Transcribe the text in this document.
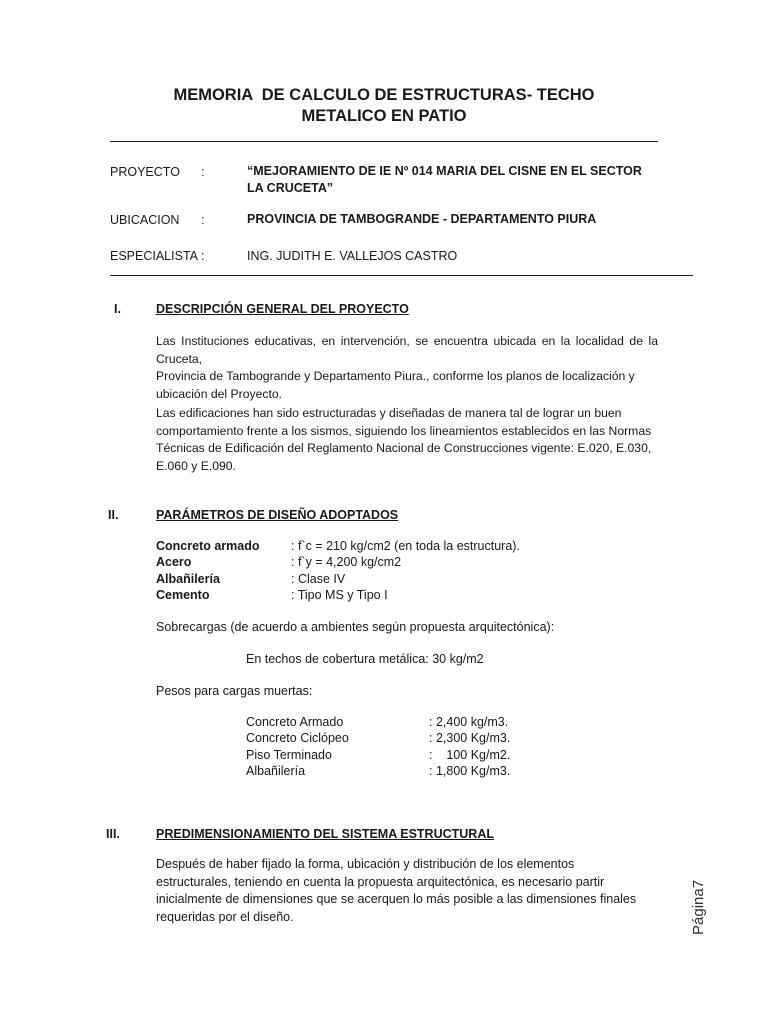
MEMORIA  DE CALCULO DE ESTRUCTURAS- TECHO
METALICO EN PATIO
PROYECTO :	“MEJORAMIENTO DE IE Nº 014 MARIA DEL CISNE EN EL SECTOR
LA CRUCETA”
UBICACION :	PROVINCIA DE TAMBOGRANDE - DEPARTAMENTO PIURA
ESPECIALISTA :	ING. JUDITH E. VALLEJOS CASTRO
I.	DESCRIPCIÓN GENERAL DEL PROYECTO
Las Instituciones educativas, en intervención, se encuentra ubicada en la localidad de la Cruceta,
Provincia de Tambogrande y Departamento Piura., conforme los planos de localización y
ubicación del Proyecto.
Las edificaciones han sido estructuradas y diseñadas de manera tal de lograr un buen
comportamiento frente a los sismos, siguiendo los lineamientos establecidos en las Normas
Técnicas de Edificación del Reglamento Nacional de Construcciones vigente: E.020, E.030,
E.060 y E.090.
II.	PARÁMETROS DE DISEÑO ADOPTADOS
Concreto armado	: f`c = 210 kg/cm2 (en toda la estructura).
Acero	: f`y = 4,200 kg/cm2
Albañilería	: Clase IV
Cemento	: Tipo MS y Tipo I
Sobrecargas (de acuerdo a ambientes según propuesta arquitectónica):
En techos de cobertura metálica: 30 kg/m2
Pesos para cargas muertas:
Concreto Armado	: 2,400 kg/m3.
Concreto Ciclópeo	: 2,300 Kg/m3.
Piso Terminado	:    100 Kg/m2.
Albañilería	: 1,800 Kg/m3.
III.	PREDIMENSIONAMIENTO DEL SISTEMA ESTRUCTURAL
Después de haber fijado la forma, ubicación y distribución de los elementos
estructurales, teniendo en cuenta la propuesta arquitectónica, es necesario partir
inicialmente de dimensiones que se acerquen lo más posible a las dimensiones finales
requeridas por el diseño.	Página7
